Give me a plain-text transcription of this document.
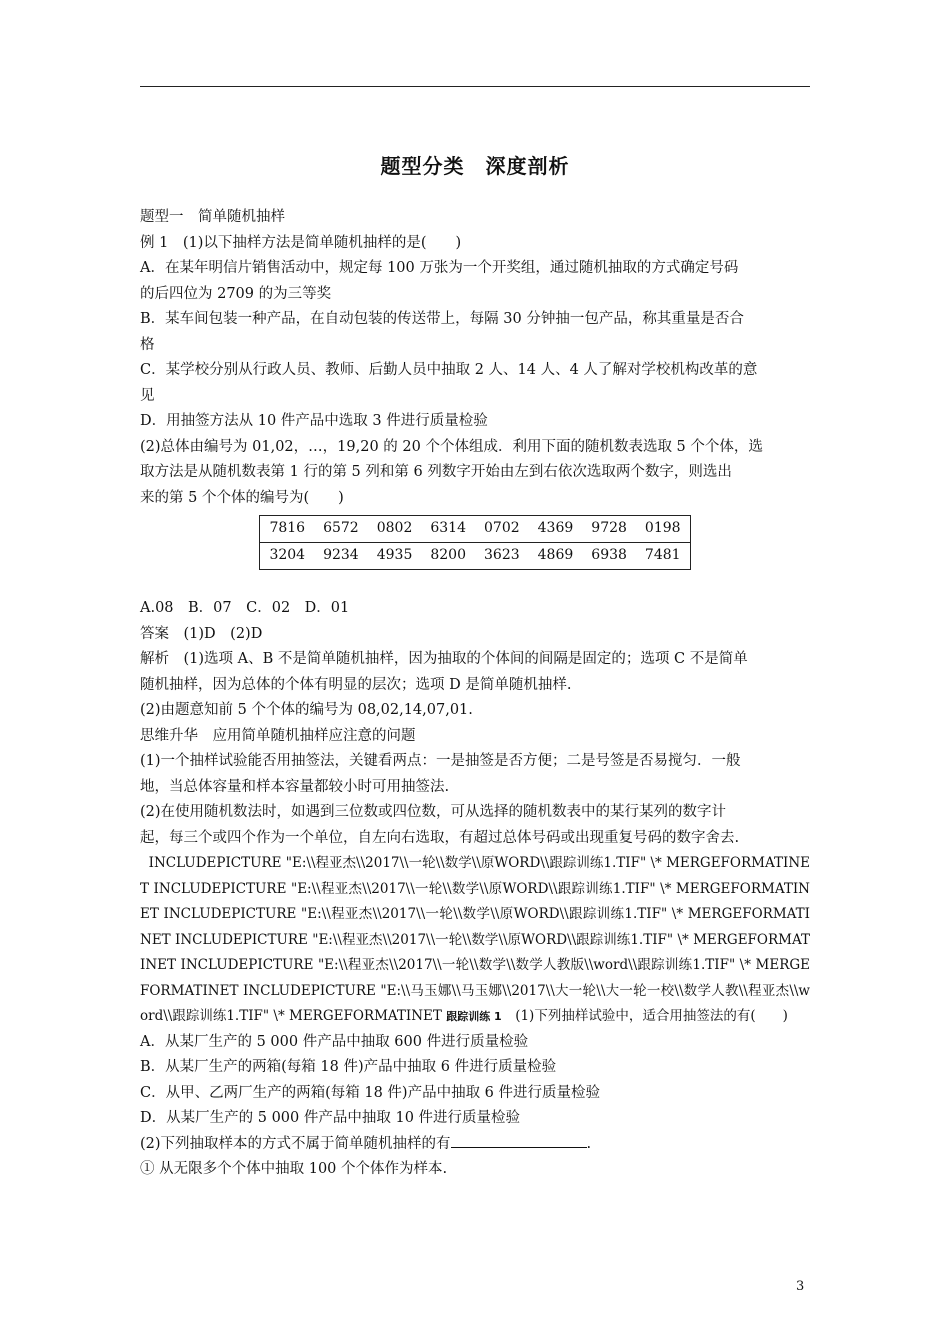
题型分类　深度剖析

题型一　简单随机抽样

例 1　(1)以下抽样方法是简单随机抽样的是(　　)

A．在某年明信片销售活动中，规定每 100 万张为一个开奖组，通过随机抽取的方式确定号码

的后四位为 2709 的为三等奖

B．某车间包装一种产品，在自动包装的传送带上，每隔 30 分钟抽一包产品，称其重量是否合

格

C．某学校分别从行政人员、教师、后勤人员中抽取 2 人、14 人、4 人了解对学校机构改革的意

见

D．用抽签方法从 10 件产品中选取 3 件进行质量检验

(2)总体由编号为 01,02，…，19,20 的 20 个个体组成．利用下面的随机数表选取 5 个个体，选

取方法是从随机数表第 1 行的第 5 列和第 6 列数字开始由左到右依次选取两个数字，则选出

来的第 5 个个体的编号为(　　)

7816	6572	0802	6314	0702	4369	9728	0198
3204	9234	4935	8200	3623	4869	6938	7481

A.08　B．07　C．02　D．01

答案　(1)D　(2)D

解析　(1)选项 A、B 不是简单随机抽样，因为抽取的个体间的间隔是固定的；选项 C 不是简单

随机抽样，因为总体的个体有明显的层次；选项 D 是简单随机抽样.

(2)由题意知前 5 个个体的编号为 08,02,14,07,01.

思维升华　应用简单随机抽样应注意的问题

(1)一个抽样试验能否用抽签法，关键看两点：一是抽签是否方便；二是号签是否易搅匀．一般

地，当总体容量和样本容量都较小时可用抽签法.

(2)在使用随机数法时，如遇到三位数或四位数，可从选择的随机数表中的某行某列的数字计

起，每三个或四个作为一个单位，自左向右选取，有超过总体号码或出现重复号码的数字舍去.

INCLUDEPICTURE "E:\\程亚杰\\2017\\一轮\\数学\\原WORD\\跟踪训练1.TIF" \* MERGEFORMATINET INCLUDEPICTURE "E:\\程亚杰\\2017\\一轮\\数学\\原WORD\\跟踪训练1.TIF" \* MERGEFORMATINET INCLUDEPICTURE "E:\\程亚杰\\2017\\一轮\\数学\\原WORD\\跟踪训练1.TIF" \* MERGEFORMATINET INCLUDEPICTURE "E:\\程亚杰\\2017\\一轮\\数学\\原WORD\\跟踪训练1.TIF" \* MERGEFORMATINET INCLUDEPICTURE "E:\\程亚杰\\2017\\一轮\\数学\\数学人教版\\word\\跟踪训练1.TIF" \* MERGEFORMATINET INCLUDEPICTURE "E:\\马玉娜\\马玉娜\\2017\\大一轮\\大一轮一校\\数学人教\\程亚杰\\word\\跟踪训练1.TIF" \* MERGEFORMATINET 跟踪训练 1　(1)下列抽样试验中，适合用抽签法的有(　　)

A．从某厂生产的 5 000 件产品中抽取 600 件进行质量检验

B．从某厂生产的两箱(每箱 18 件)产品中抽取 6 件进行质量检验

C．从甲、乙两厂生产的两箱(每箱 18 件)产品中抽取 6 件进行质量检验

D．从某厂生产的 5 000 件产品中抽取 10 件进行质量检验

(2)下列抽取样本的方式不属于简单随机抽样的有	.

① 从无限多个个体中抽取 100 个个体作为样本.

3
